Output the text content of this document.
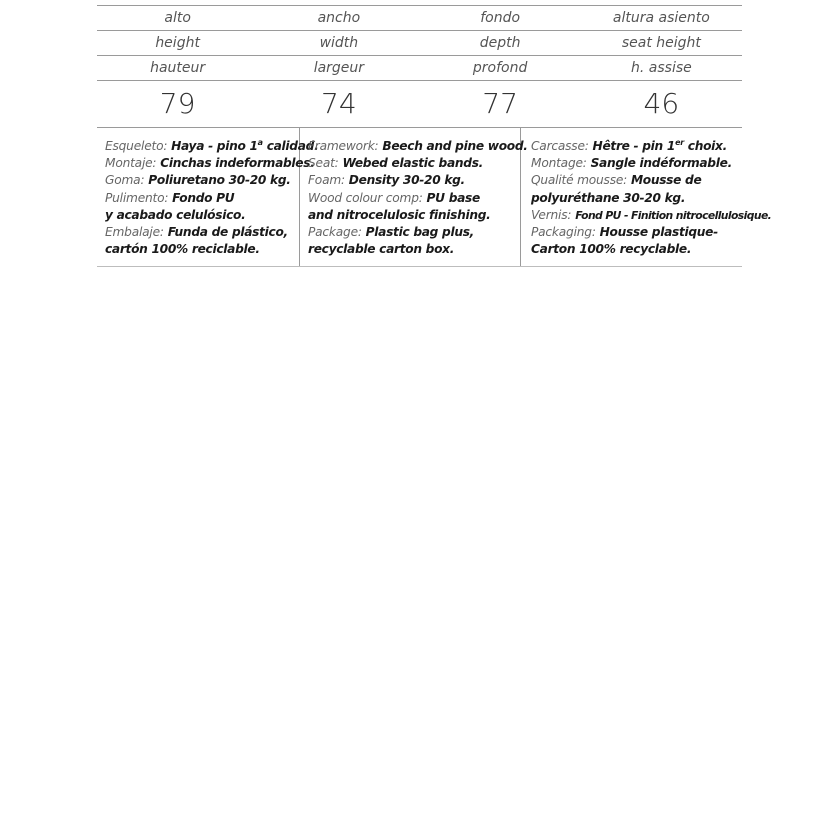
alto	ancho	fondo	altura asiento
height	width	depth	seat height
hauteur	largeur	profond	h. assise
79	74	77	46
Esqueleto: Haya - pino 1$^a$ calidad.
Montaje: Cinchas indeformables.
Goma: Poliuretano 30-20 kg.
Pulimento: Fondo PU
y acabado celulósico.
Embalaje: Funda de plástico,
cartón 100% reciclable.

Framework: Beech and pine wood.
Seat: Webed elastic bands.
Foam: Density 30-20 kg.
Wood colour comp: PU base
and nitrocelulosic finishing.
Package: Plastic bag plus,
recyclable carton box.

Carcasse: Hêtre - pin 1er choix.
Montage: Sangle indéformable.
Qualité mousse: Mousse de
polyuréthane 30-20 kg.
Vernis: Fond PU - Finition nitrocellulosique.
Packaging: Housse plastique-
Carton 100% recyclable.
